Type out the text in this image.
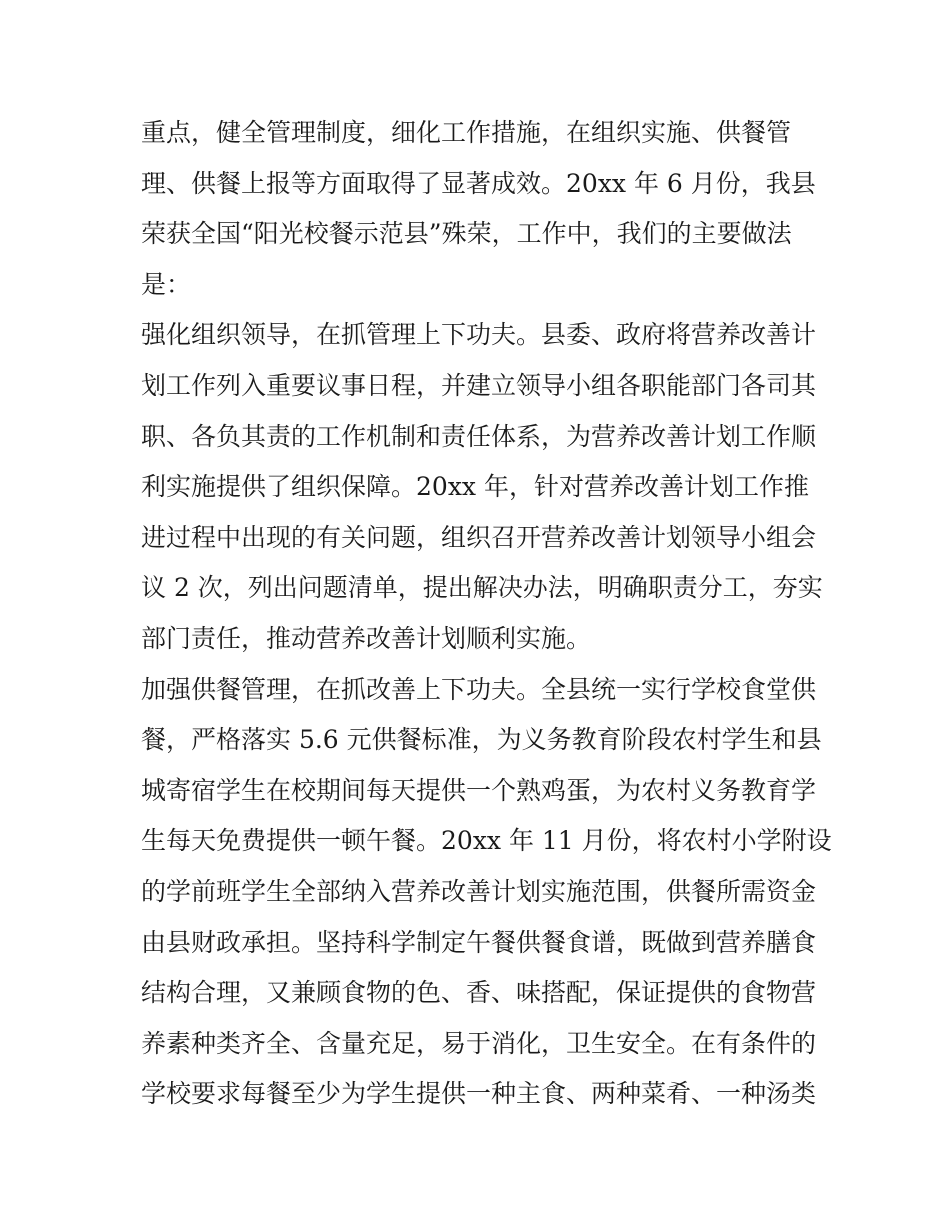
重点，健全管理制度，细化工作措施，在组织实施、供餐管
理、供餐上报等方面取得了显著成效。20xx 年 6 月份，我县
荣获全国“阳光校餐示范县”殊荣，工作中，我们的主要做法
是：
强化组织领导，在抓管理上下功夫。县委、政府将营养改善计
划工作列入重要议事日程，并建立领导小组各职能部门各司其
职、各负其责的工作机制和责任体系，为营养改善计划工作顺
利实施提供了组织保障。20xx 年，针对营养改善计划工作推
进过程中出现的有关问题，组织召开营养改善计划领导小组会
议 2 次，列出问题清单，提出解决办法，明确职责分工，夯实
部门责任，推动营养改善计划顺利实施。
加强供餐管理，在抓改善上下功夫。全县统一实行学校食堂供
餐，严格落实 5.6 元供餐标准，为义务教育阶段农村学生和县
城寄宿学生在校期间每天提供一个熟鸡蛋，为农村义务教育学
生每天免费提供一顿午餐。20xx 年 11 月份，将农村小学附设
的学前班学生全部纳入营养改善计划实施范围，供餐所需资金
由县财政承担。坚持科学制定午餐供餐食谱，既做到营养膳食
结构合理，又兼顾食物的色、香、味搭配，保证提供的食物营
养素种类齐全、含量充足，易于消化，卫生安全。在有条件的
学校要求每餐至少为学生提供一种主食、两种菜肴、一种汤类
